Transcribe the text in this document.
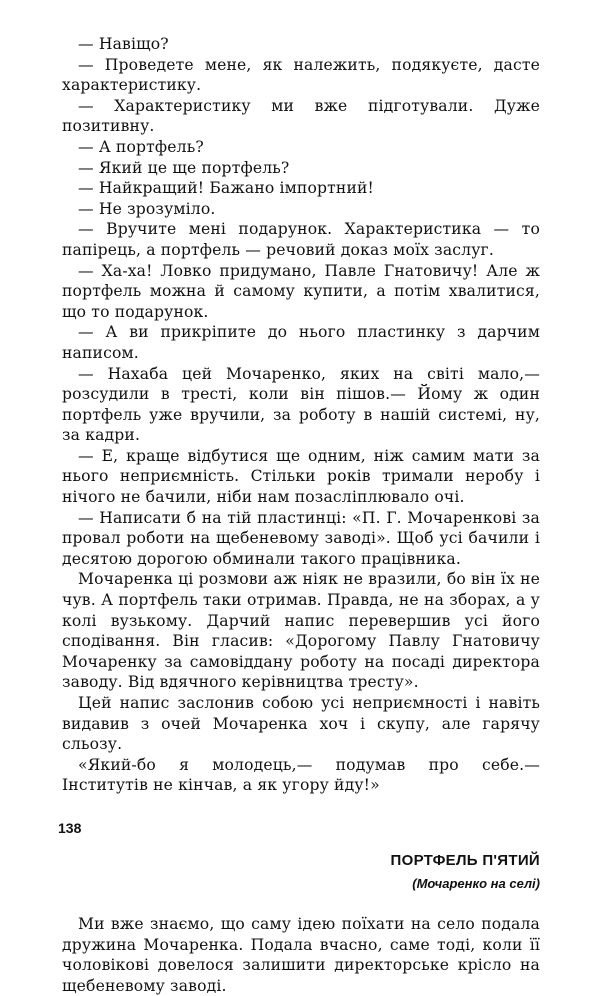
— Навіщо?

— Проведете мене, як належить, подякуєте, дасте характеристику.

— Характеристику ми вже підготували. Дуже позитивну.

— А портфель?

— Який це ще портфель?

— Найкращий! Бажано імпортний!

— Не зрозуміло.

— Вручите мені подарунок. Характеристика — то папірець, а портфель — речовий доказ моїх заслуг.

— Ха-ха! Ловко придумано, Павле Гнатовичу! Але ж портфель можна й самому купити, а потім хвалитися, що то подарунок.

— А ви прикріпите до нього пластинку з дарчим написом.

— Нахаба цей Мочаренко, яких на світі мало,— розсудили в тресті, коли він пішов.— Йому ж один портфель уже вручили, за роботу в нашій системі, ну, за кадри.

— Е, краще відбутися ще одним, ніж самим мати за нього неприємність. Стільки років тримали неробу і нічого не бачили, ніби нам позасліплювало очі.

— Написати б на тій пластинці: «П. Г. Мочаренкові за провал роботи на щебеневому заводі». Щоб усі бачили і десятою дорогою обминали такого працівника.

Мочаренка ці розмови аж ніяк не вразили, бо він їх не чув. А портфель таки отримав. Правда, не на зборах, а у колі вузькому. Дарчий напис перевершив усі його сподівання. Він гласив: «Дорогому Павлу Гнатовичу Мочаренку за самовіддану роботу на посаді директора заводу. Від вдячного керівництва тресту».

Цей напис заслонив собою усі неприємності і навіть видавив з очей Мочаренка хоч і скупу, але гарячу сльозу.

«Який-бо я молодець,— подумав про себе.— Інститутів не кінчав, а як угору йду!»

ПОРТФЕЛЬ П'ЯТИЙ
(Мочаренко на селі)

Ми вже знаємо, що саму ідею поїхати на село подала дружина Мочаренка. Подала вчасно, саме тоді, коли її чоловікові довелося залишити директорське крісло на щебеневому заводі.

138
